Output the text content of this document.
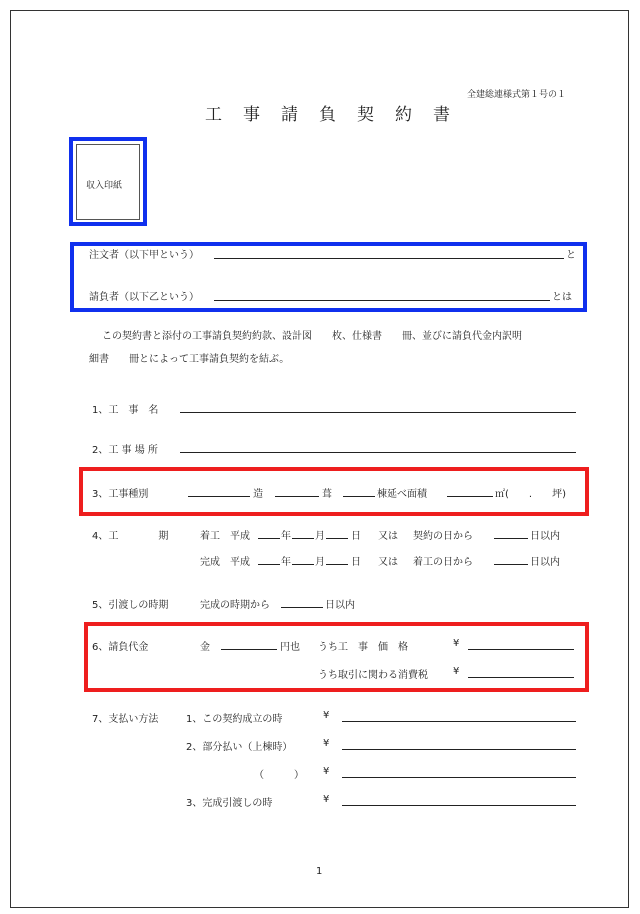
全建総連様式第１号の１
工　事　請　負　契　約　書
収入印紙
注文者（以下甲という）	と
請負者（以下乙という）	とは
この契約書と添付の工事請負契約約款、設計図　　枚、仕様書　　冊、並びに請負代金内訳明
細書　　冊とによって工事請負契約を結ぶ。
1、工　事　名
2、工 事 場 所
3、工事種別	造	葺	棟延べ面積	㎡(　　.　　坪)
4、工　　　　期	着工　平成	年 月	日 又は 契約の日から	日以内
完成　平成	年 月	日 又は 着工の日から	日以内
5、引渡しの時期	完成の時期から	日以内
6、請負代金	金	円也 うち工　事　価　格	¥
うち取引に関わる消費税	¥
7、支払い方法	1、この契約成立の時	¥
2、部分払い（上棟時）	¥
（　　　） ¥
3、完成引渡しの時	¥
1
